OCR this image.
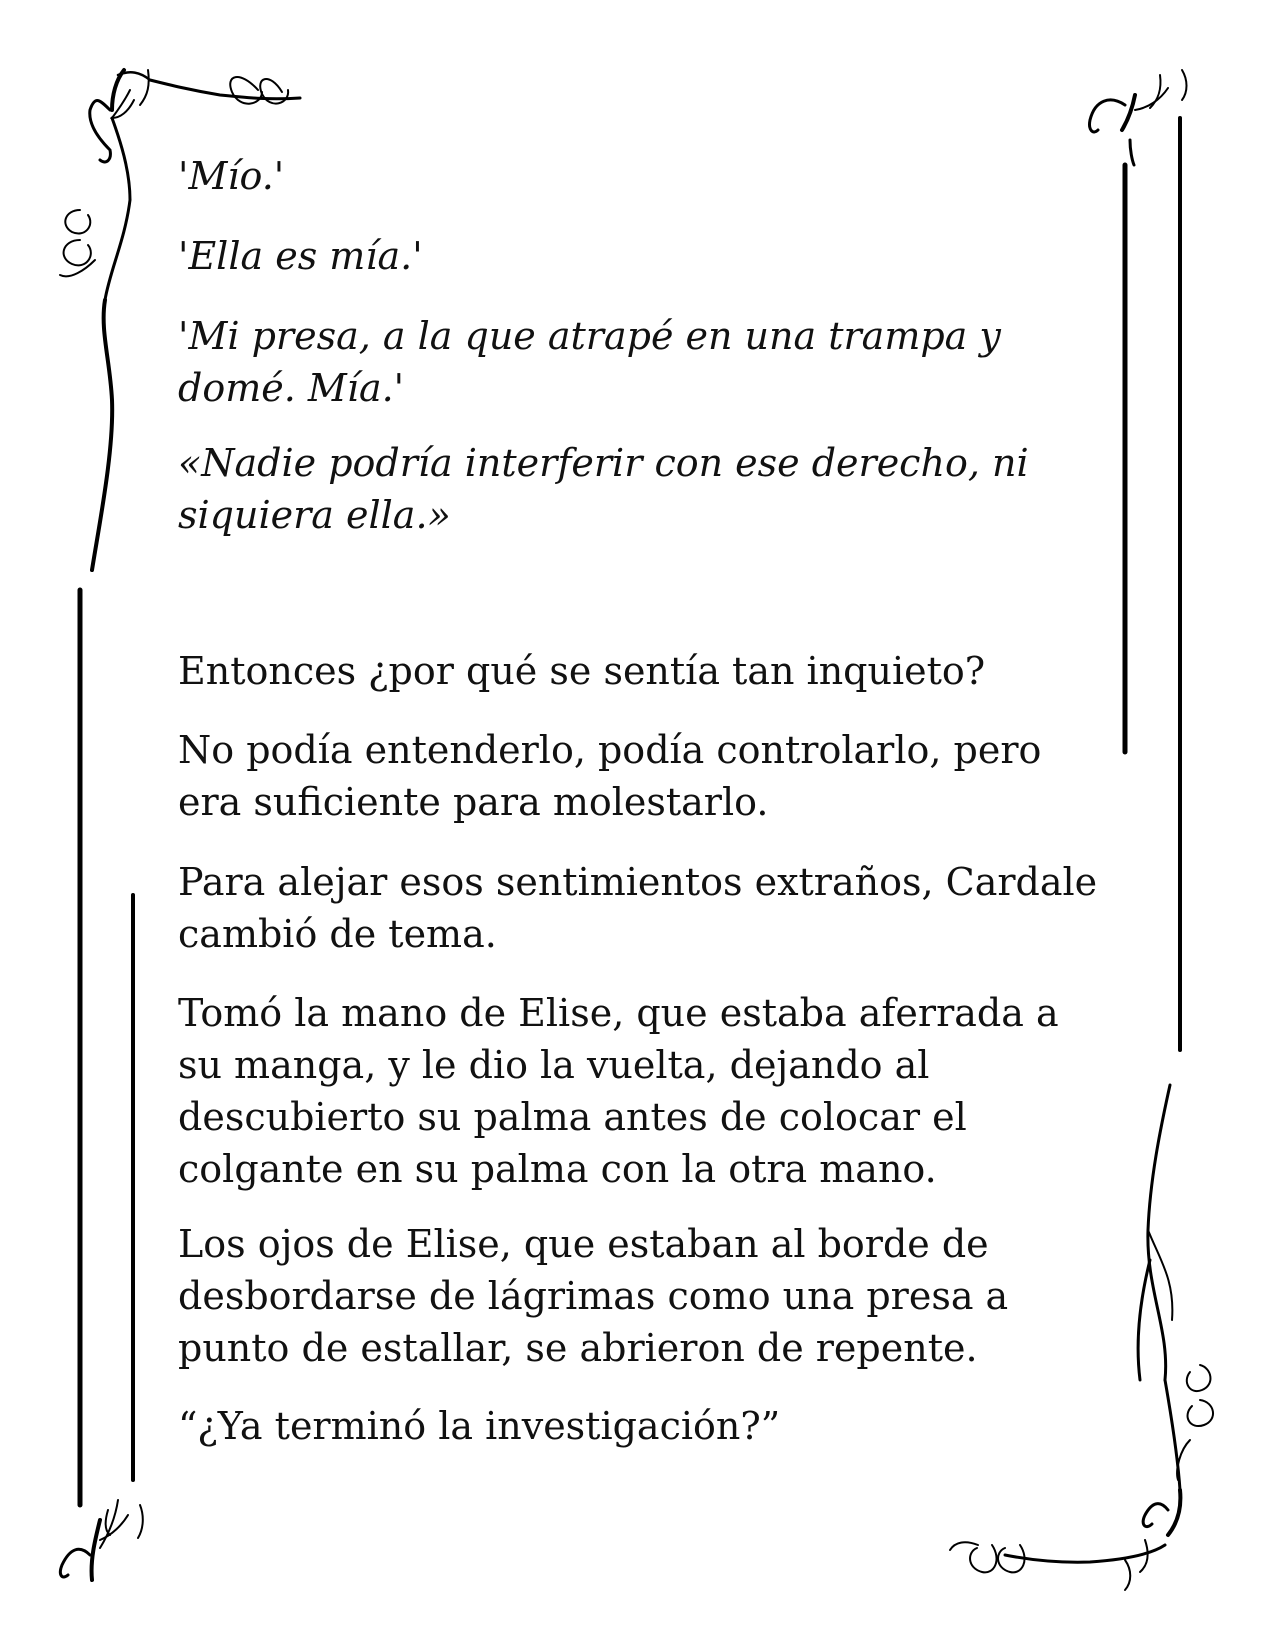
'Mío.'

'Ella es mía.'

'Mi presa, a la que atrapé en una trampa y domé. Mía.'

«Nadie podría interferir con ese derecho, ni siquiera ella.»

Entonces ¿por qué se sentía tan inquieto?

No podía entenderlo, podía controlarlo, pero era suficiente para molestarlo.

Para alejar esos sentimientos extraños, Cardale cambió de tema.

Tomó la mano de Elise, que estaba aferrada a su manga, y le dio la vuelta, dejando al descubierto su palma antes de colocar el colgante en su palma con la otra mano.

Los ojos de Elise, que estaban al borde de desbordarse de lágrimas como una presa a punto de estallar, se abrieron de repente.

“¿Ya terminó la investigación?”
